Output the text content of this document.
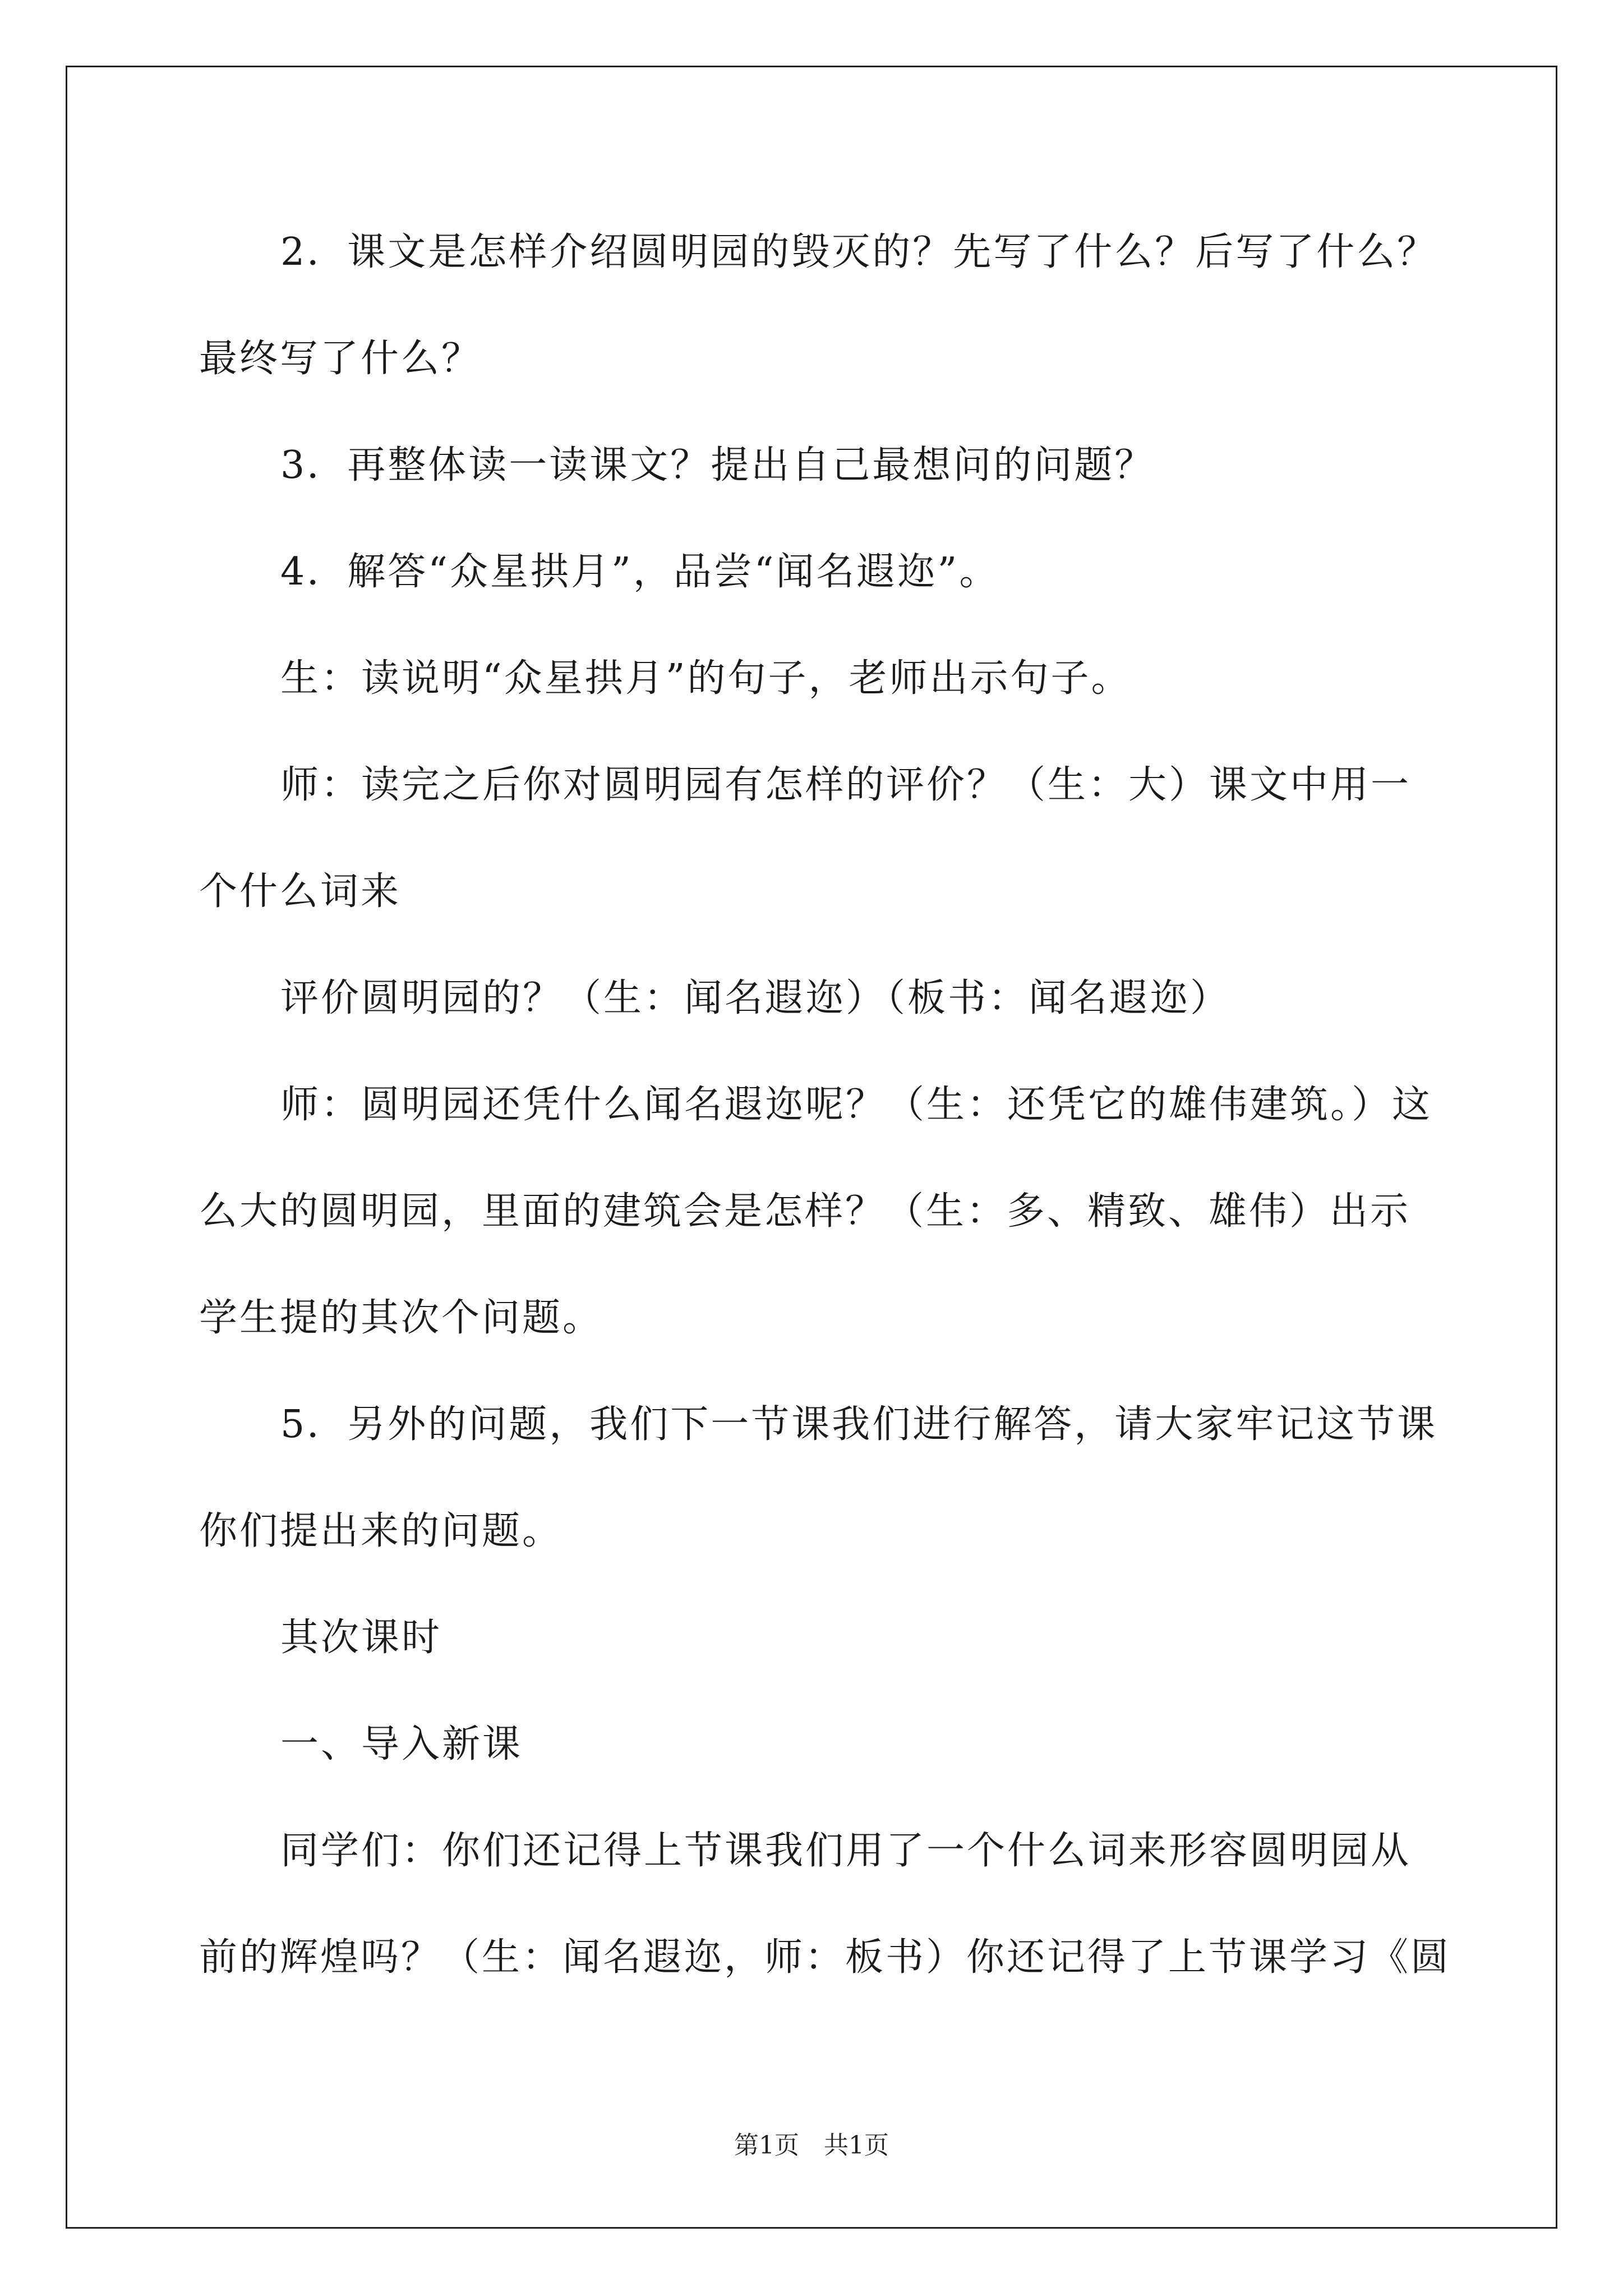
2．课文是怎样介绍圆明园的毁灭的？先写了什么？后写了什么？
最终写了什么？
3．再整体读一读课文？提出自己最想问的问题？
4．解答“众星拱月”，品尝“闻名遐迩”。
生：读说明“众星拱月”的句子，老师出示句子。
师：读完之后你对圆明园有怎样的评价？（生：大）课文中用一
个什么词来
评价圆明园的？（生：闻名遐迩）（板书：闻名遐迩）
师：圆明园还凭什么闻名遐迩呢？（生：还凭它的雄伟建筑。）这
么大的圆明园，里面的建筑会是怎样？（生：多、精致、雄伟）出示
学生提的其次个问题。
5．另外的问题，我们下一节课我们进行解答，请大家牢记这节课
你们提出来的问题。
其次课时
一、导入新课
同学们：你们还记得上节课我们用了一个什么词来形容圆明园从
前的辉煌吗？（生：闻名遐迩，师：板书）你还记得了上节课学习《圆
第1页　共1页
